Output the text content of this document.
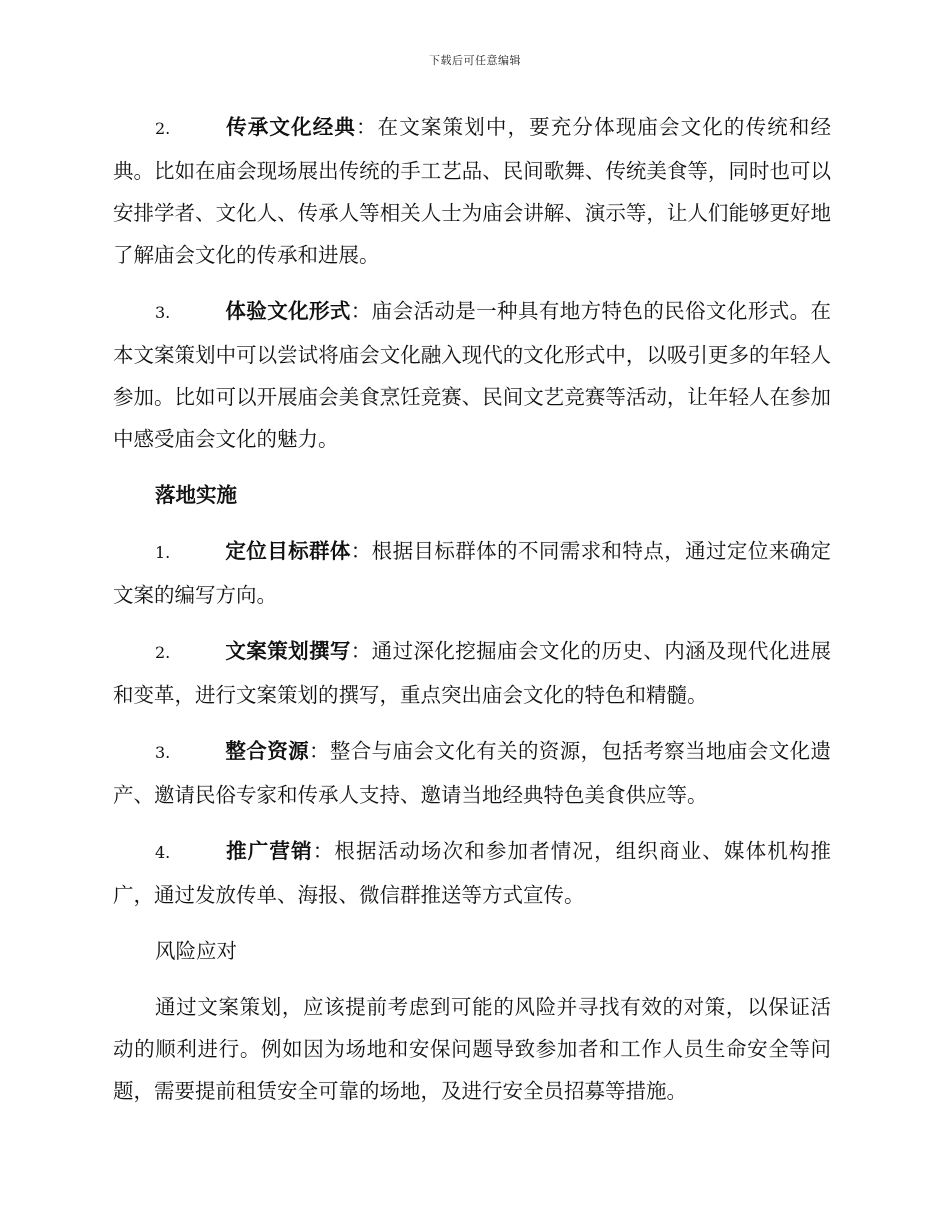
下载后可任意编辑

2.	传承文化经典：在文案策划中，要充分体现庙会文化的传统和经典。比如在庙会现场展出传统的手工艺品、民间歌舞、传统美食等，同时也可以安排学者、文化人、传承人等相关人士为庙会讲解、演示等，让人们能够更好地了解庙会文化的传承和进展。

3.	体验文化形式：庙会活动是一种具有地方特色的民俗文化形式。在本文案策划中可以尝试将庙会文化融入现代的文化形式中，以吸引更多的年轻人参加。比如可以开展庙会美食烹饪竞赛、民间文艺竞赛等活动，让年轻人在参加中感受庙会文化的魅力。

落地实施

1.	定位目标群体：根据目标群体的不同需求和特点，通过定位来确定文案的编写方向。

2.	文案策划撰写：通过深化挖掘庙会文化的历史、内涵及现代化进展和变革，进行文案策划的撰写，重点突出庙会文化的特色和精髓。

3.	整合资源：整合与庙会文化有关的资源，包括考察当地庙会文化遗产、邀请民俗专家和传承人支持、邀请当地经典特色美食供应等。

4.	推广营销：根据活动场次和参加者情况，组织商业、媒体机构推广，通过发放传单、海报、微信群推送等方式宣传。

风险应对

通过文案策划，应该提前考虑到可能的风险并寻找有效的对策，以保证活动的顺利进行。例如因为场地和安保问题导致参加者和工作人员生命安全等问题，需要提前租赁安全可靠的场地，及进行安全员招募等措施。
